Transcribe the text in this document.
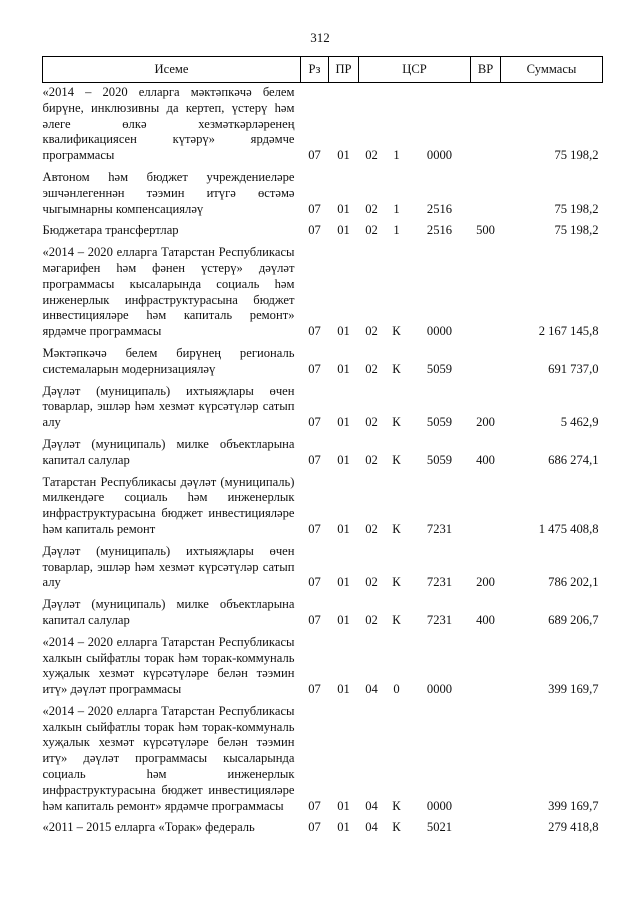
312
Исеме	Рз	ПР	ЦСР			ВР	Суммасы
«2014 – 2020 елларга мәктәпкәчә белем бирүне, инклюзивны да кертеп, үстерү һәм әлеге өлкә хезмәткәрләренең квалификациясен күтәрү» ярдәмче программасы	07	01	02	1	0000		75 198,2
Автоном һәм бюджет учреждениеләре эшчәнлегеннән тәэмин итүгә өстәмә чыгымнарны компенсацияләү	07	01	02	1	2516		75 198,2
Бюджетара трансфертлар	07	01	02	1	2516	500	75 198,2
«2014 – 2020 елларга Татарстан Республикасы мәгарифен һәм фәнен үстерү» дәүләт программасы кысаларында социаль һәм инженерлык инфраструктурасына бюджет инвестицияләре һәм капиталь ремонт» ярдәмче программасы	07	01	02	К	0000		2 167 145,8
Мәктәпкәчә белем бирүнең региональ системаларын модернизацияләү	07	01	02	К	5059		691 737,0
Дәүләт (муниципаль) ихтыяҗлары өчен товарлар, эшләр һәм хезмәт күрсәтүләр сатып алу	07	01	02	К	5059	200	5 462,9
Дәүләт (муниципаль) милке объектларына капитал салулар	07	01	02	К	5059	400	686 274,1
Татарстан Республикасы дәүләт (муниципаль) милкендәге социаль һәм инженерлык инфраструктурасына бюджет инвестицияләре һәм капиталь ремонт	07	01	02	К	7231		1 475 408,8
Дәүләт (муниципаль) ихтыяҗлары өчен товарлар, эшләр һәм хезмәт күрсәтүләр сатып алу	07	01	02	К	7231	200	786 202,1
Дәүләт (муниципаль) милке объектларына капитал салулар	07	01	02	К	7231	400	689 206,7
«2014 – 2020 елларга Татарстан Республикасы халкын сыйфатлы торак һәм торак-коммуналь хуҗалык хезмәт күрсәтүләре белән тәэмин итү» дәүләт программасы	07	01	04	0	0000		399 169,7
«2014 – 2020 елларга Татарстан Республикасы халкын сыйфатлы торак һәм торак-коммуналь хуҗалык хезмәт күрсәтүләре белән тәэмин итү» дәүләт программасы кысаларында социаль һәм инженерлык инфраструктурасына бюджет инвестицияләре һәм капиталь ремонт» ярдәмче программасы	07	01	04	К	0000		399 169,7
«2011 – 2015 елларга «Торак» федераль	07	01	04	К	5021		279 418,8
